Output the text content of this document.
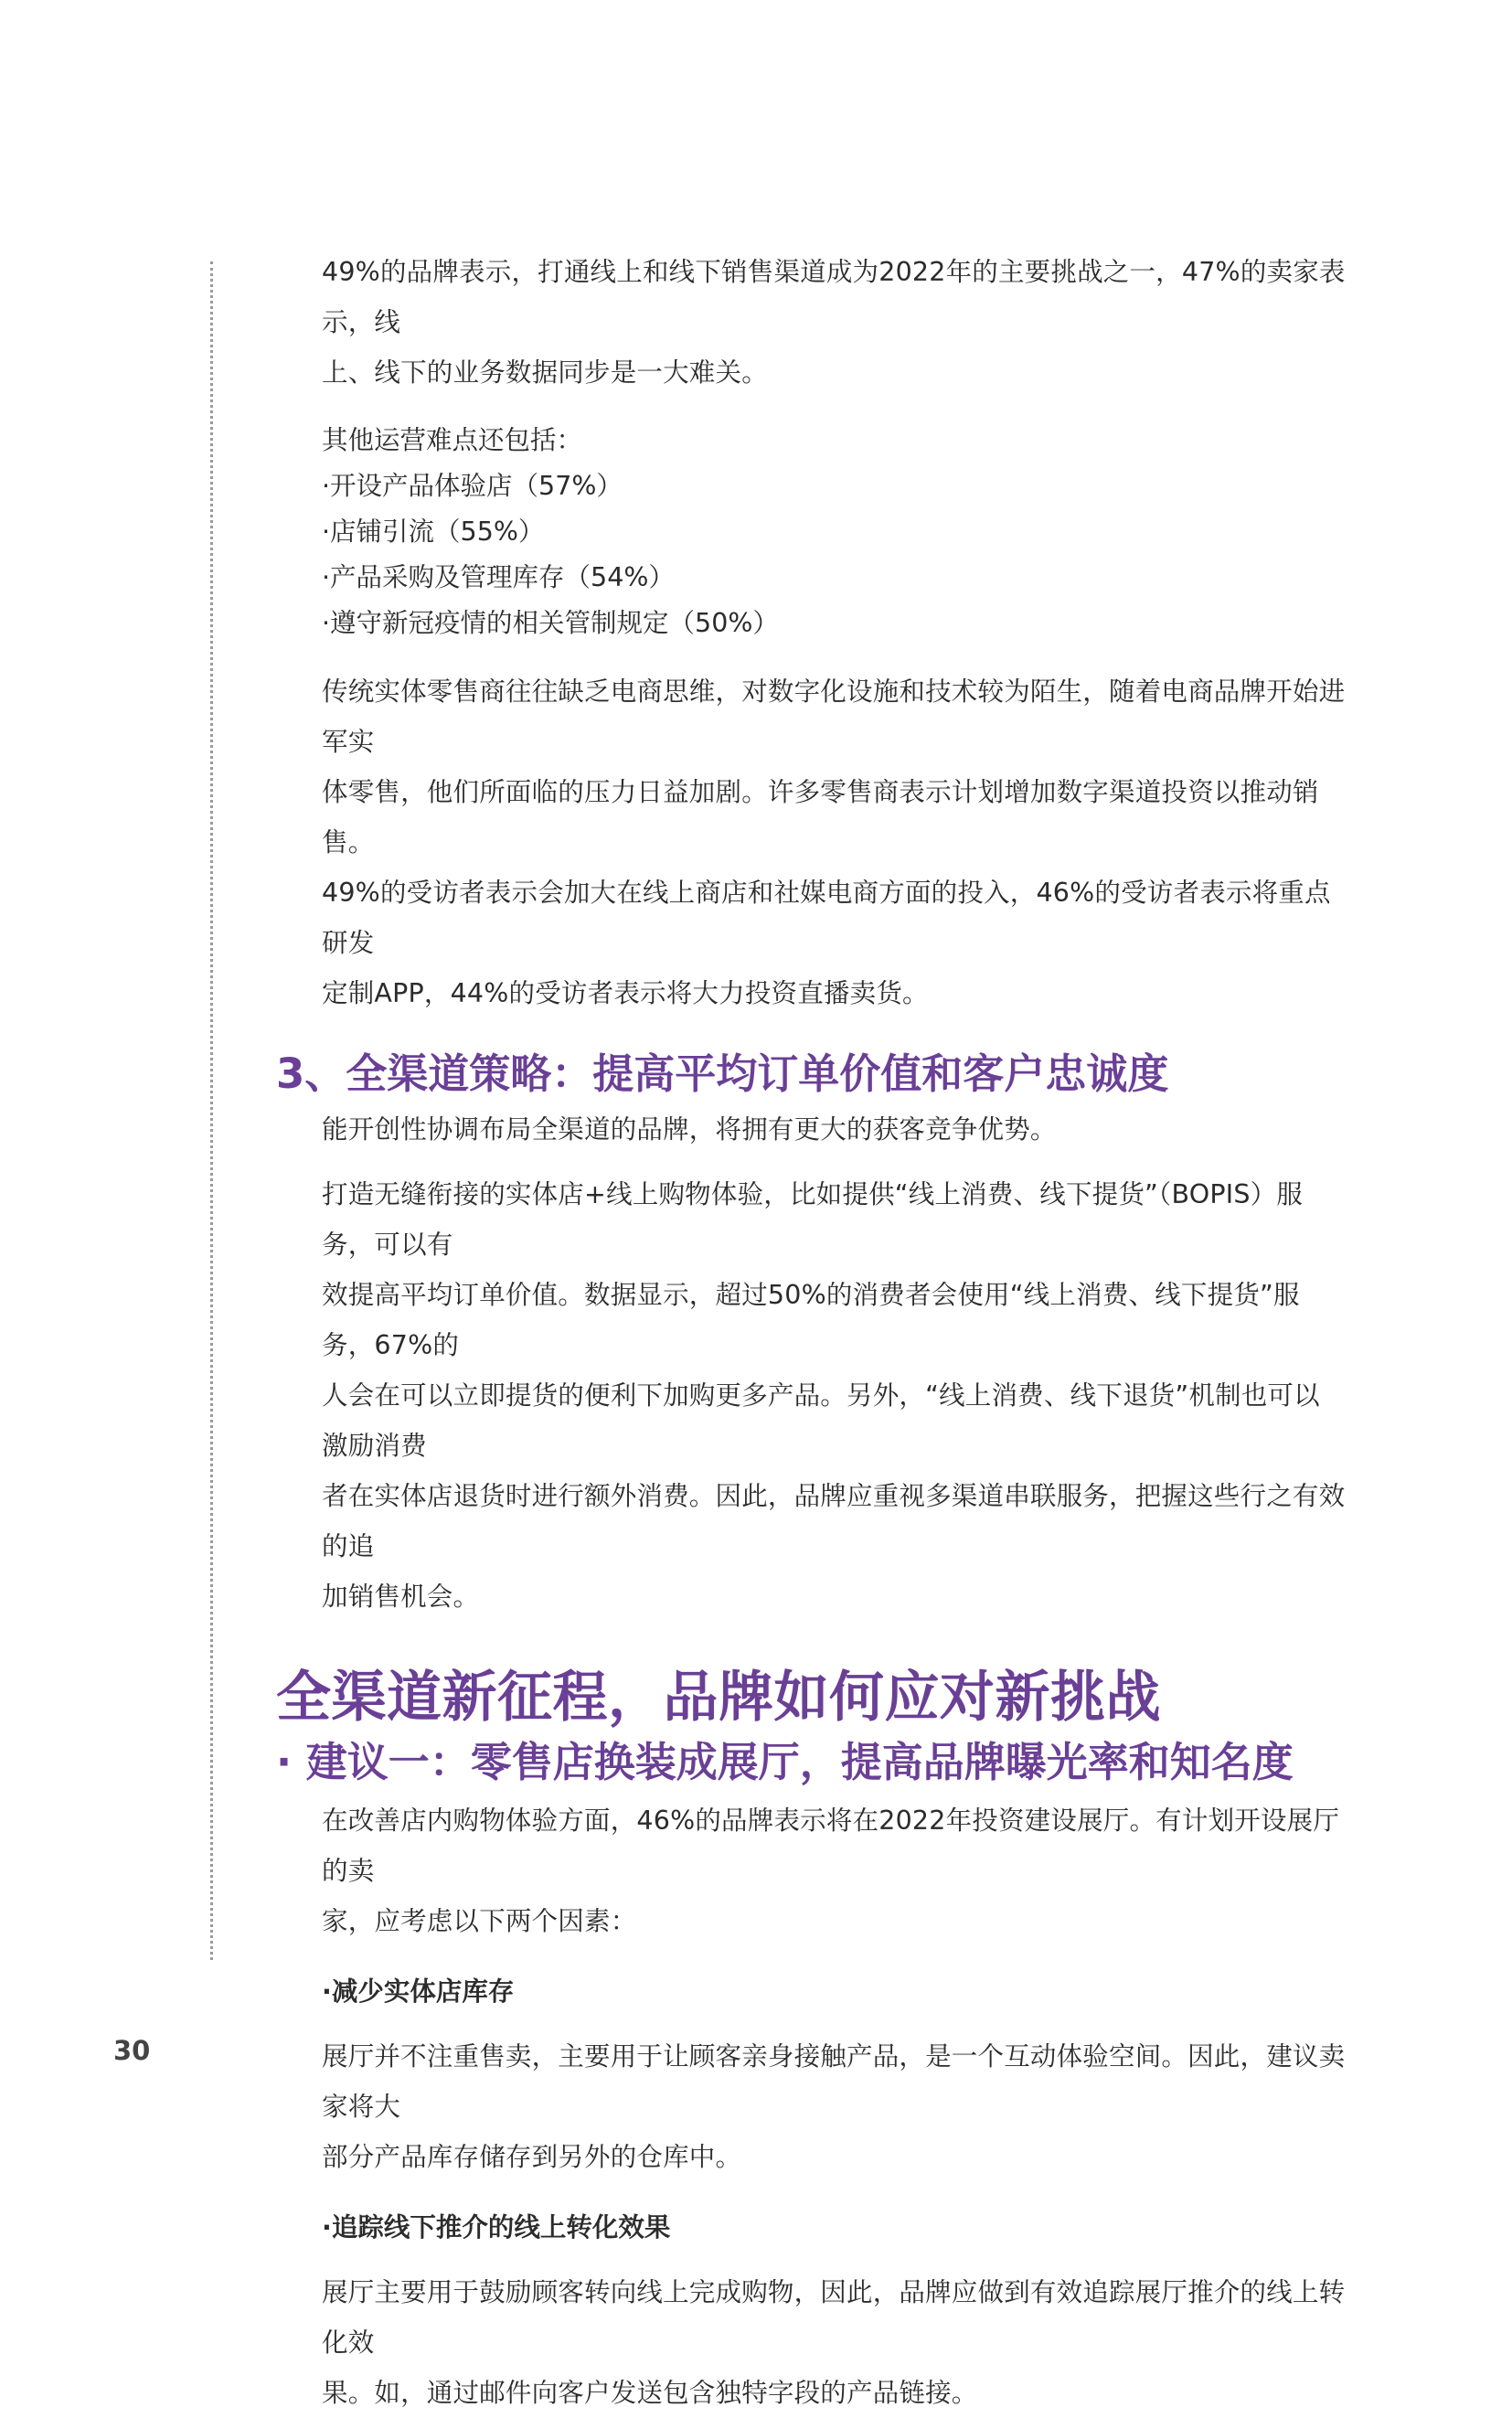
49%的品牌表示，打通线上和线下销售渠道成为2022年的主要挑战之一，47%的卖家表示，线

上、线下的业务数据同步是一大难关。

其他运营难点还包括：

·开设产品体验店（57%）

·店铺引流（55%）

·产品采购及管理库存（54%）

·遵守新冠疫情的相关管制规定（50%）

传统实体零售商往往缺乏电商思维，对数字化设施和技术较为陌生，随着电商品牌开始进军实

体零售，他们所面临的压力日益加剧。许多零售商表示计划增加数字渠道投资以推动销售。

49%的受访者表示会加大在线上商店和社媒电商方面的投入，46%的受访者表示将重点研发

定制APP，44%的受访者表示将大力投资直播卖货。

3、全渠道策略：提高平均订单价值和客户忠诚度

能开创性协调布局全渠道的品牌，将拥有更大的获客竞争优势。

打造无缝衔接的实体店+线上购物体验，比如提供“线上消费、线下提货”（BOPIS）服务，可以有

效提高平均订单价值。数据显示，超过50%的消费者会使用“线上消费、线下提货”服务，67%的

人会在可以立即提货的便利下加购更多产品。另外，“线上消费、线下退货”机制也可以激励消费

者在实体店退货时进行额外消费。因此，品牌应重视多渠道串联服务，把握这些行之有效的追

加销售机会。

全渠道新征程，品牌如何应对新挑战
· 建议一：零售店换装成展厅，提高品牌曝光率和知名度

在改善店内购物体验方面，46%的品牌表示将在2022年投资建设展厅。有计划开设展厅的卖

家，应考虑以下两个因素：

·减少实体店库存

展厅并不注重售卖，主要用于让顾客亲身接触产品，是一个互动体验空间。因此，建议卖家将大

部分产品库存储存到另外的仓库中。

·追踪线下推介的线上转化效果

展厅主要用于鼓励顾客转向线上完成购物，因此，品牌应做到有效追踪展厅推介的线上转化效

果。如，通过邮件向客户发送包含独特字段的产品链接。

30
